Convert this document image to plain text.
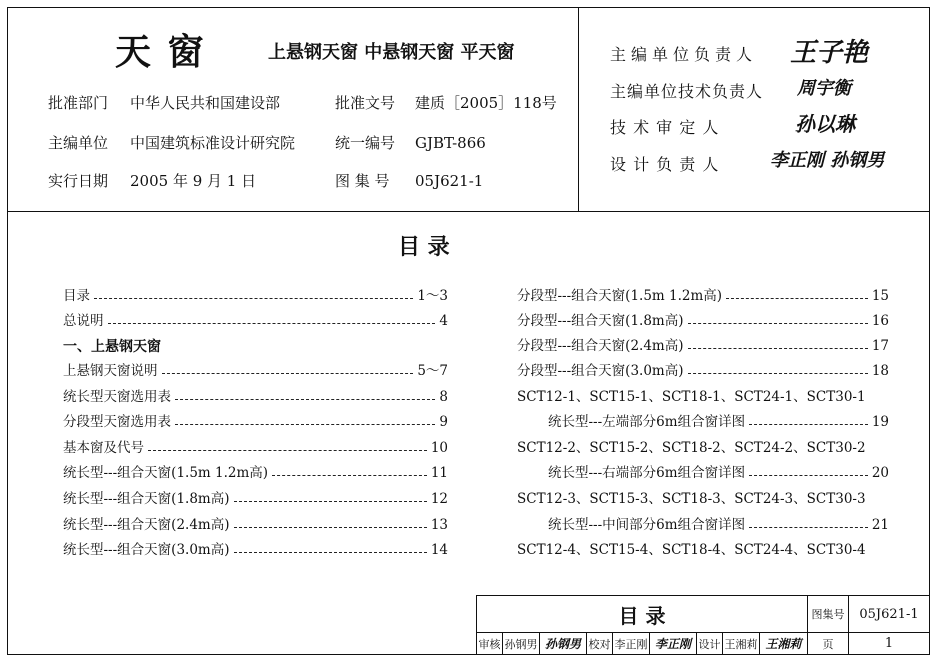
天 窗	上悬钢天窗 中悬钢天窗 平天窗
批准部门 中华人民共和国建设部	批准文号 建质［2005］118号
主编单位 中国建筑标准设计研究院	统一编号 GJBT-866
实行日期 2005 年 9 月 1 日	图 集 号 05J621-1
主编单位负责人 王子艳
主编单位技术负责人 周宇衡
技 术 审 定 人	孙以琳
设 计 负 责 人	李正刚 孙钢男
目 录
目录	1～3
总说明	4
一、上悬钢天窗
上悬钢天窗说明	5～7
统长型天窗选用表	8
分段型天窗选用表	9
基本窗及代号	10
统长型---组合天窗(1.5m 1.2m高)	11
统长型---组合天窗(1.8m高)	12
统长型---组合天窗(2.4m高)	13
统长型---组合天窗(3.0m高)	14
分段型---组合天窗(1.5m 1.2m高)	15
分段型---组合天窗(1.8m高)	16
分段型---组合天窗(2.4m高)	17
分段型---组合天窗(3.0m高)	18
SCT12-1、SCT15-1、SCT18-1、SCT24-1、SCT30-1
统长型---左端部分6m组合窗详图	19
SCT12-2、SCT15-2、SCT18-2、SCT24-2、SCT30-2
统长型---右端部分6m组合窗详图	20
SCT12-3、SCT15-3、SCT18-3、SCT24-3、SCT30-3
统长型---中间部分6m组合窗详图	21
SCT12-4、SCT15-4、SCT18-4、SCT24-4、SCT30-4
目 录	图集号 05J621-1
审核 孙钢男 孙钢男 校对 李正刚 李正刚 设计 王湘莉 王湘莉 页	1
